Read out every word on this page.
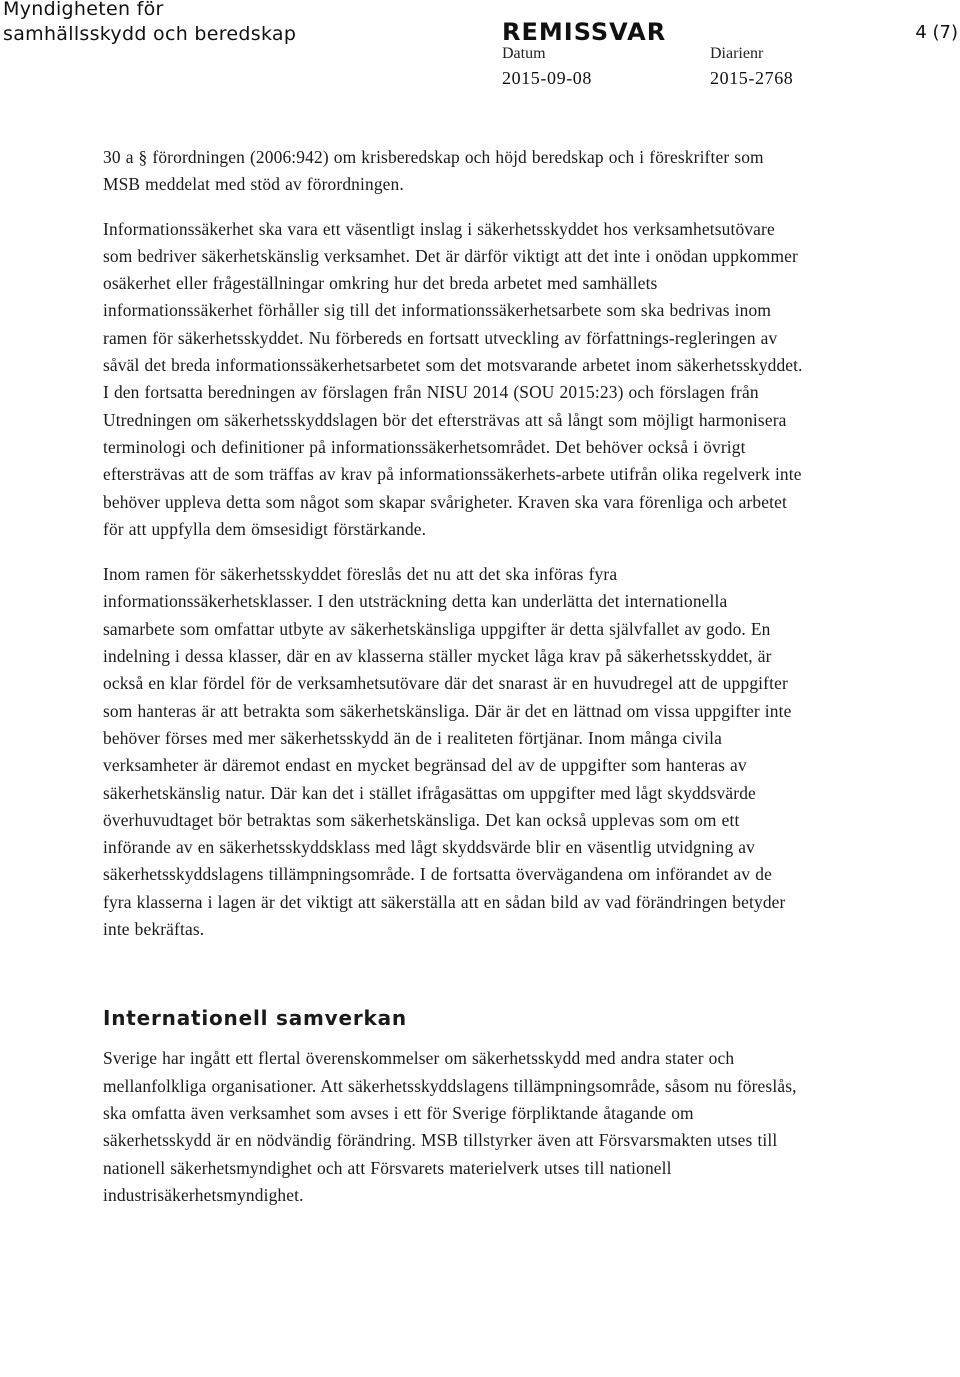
Myndigheten för
samhällsskydd och beredskap	REMISSVAR	4 (7)
Datum
2015-09-08
Diarienr
2015-2768

30 a § förordningen (2006:942) om krisberedskap och höjd beredskap och i föreskrifter som MSB meddelat med stöd av förordningen.

Informationssäkerhet ska vara ett väsentligt inslag i säkerhetsskyddet hos verksamhetsutövare som bedriver säkerhetskänslig verksamhet. Det är därför viktigt att det inte i onödan uppkommer osäkerhet eller frågeställningar omkring hur det breda arbetet med samhällets informationssäkerhet förhåller sig till det informationssäkerhetsarbete som ska bedrivas inom ramen för säkerhetsskyddet. Nu förbereds en fortsatt utveckling av författnings-regleringen av såväl det breda informationssäkerhetsarbetet som det motsvarande arbetet inom säkerhetsskyddet. I den fortsatta beredningen av förslagen från NISU 2014 (SOU 2015:23) och förslagen från Utredningen om säkerhetsskyddslagen bör det eftersträvas att så långt som möjligt harmonisera terminologi och definitioner på informationssäkerhetsområdet. Det behöver också i övrigt eftersträvas att de som träffas av krav på informationssäkerhets-arbete utifrån olika regelverk inte behöver uppleva detta som något som skapar svårigheter. Kraven ska vara förenliga och arbetet för att uppfylla dem ömsesidigt förstärkande.

Inom ramen för säkerhetsskyddet föreslås det nu att det ska införas fyra informationssäkerhetsklasser. I den utsträckning detta kan underlätta det internationella samarbete som omfattar utbyte av säkerhetskänsliga uppgifter är detta självfallet av godo. En indelning i dessa klasser, där en av klasserna ställer mycket låga krav på säkerhetsskyddet, är också en klar fördel för de verksamhetsutövare där det snarast är en huvudregel att de uppgifter som hanteras är att betrakta som säkerhetskänsliga. Där är det en lättnad om vissa uppgifter inte behöver förses med mer säkerhetsskydd än de i realiteten förtjänar. Inom många civila verksamheter är däremot endast en mycket begränsad del av de uppgifter som hanteras av säkerhetskänslig natur. Där kan det i stället ifrågasättas om uppgifter med lågt skyddsvärde överhuvudtaget bör betraktas som säkerhetskänsliga. Det kan också upplevas som om ett införande av en säkerhetsskyddsklass med lågt skyddsvärde blir en väsentlig utvidgning av säkerhetsskyddslagens tillämpningsområde. I de fortsatta övervägandena om införandet av de fyra klasserna i lagen är det viktigt att säkerställa att en sådan bild av vad förändringen betyder inte bekräftas.

Internationell samverkan

Sverige har ingått ett flertal överenskommelser om säkerhetsskydd med andra stater och mellanfolkliga organisationer. Att säkerhetsskyddslagens tillämpningsområde, såsom nu föreslås, ska omfatta även verksamhet som avses i ett för Sverige förpliktande åtagande om säkerhetsskydd är en nödvändig förändring. MSB tillstyrker även att Försvarsmakten utses till nationell säkerhetsmyndighet och att Försvarets materielverk utses till nationell industrisäkerhetsmyndighet.
